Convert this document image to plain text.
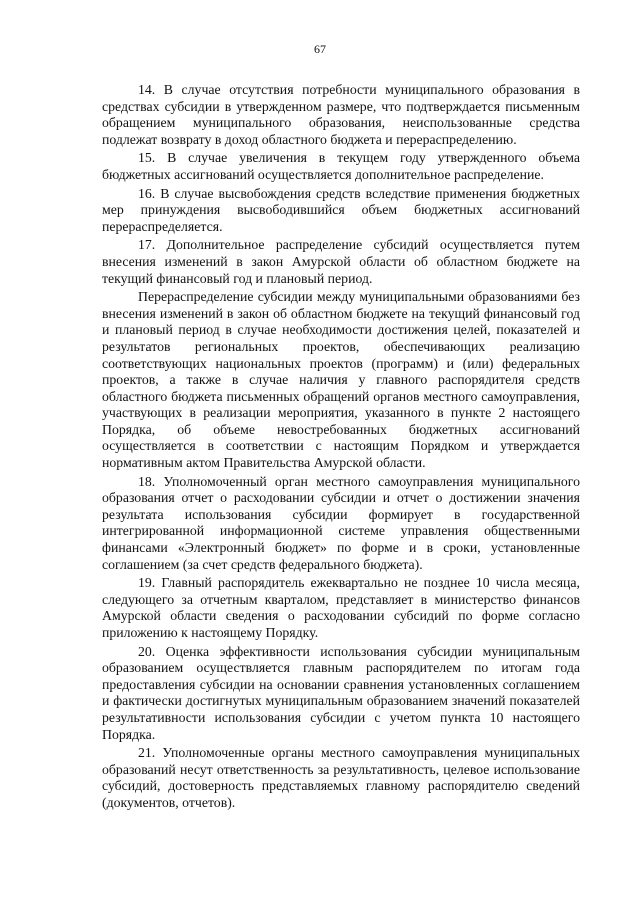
67

14. В случае отсутствия потребности муниципального образования в средствах субсидии в утвержденном размере, что подтверждается письменным обращением муниципального образования, неиспользованные средства подлежат возврату в доход областного бюджета и перераспределению.

15. В случае увеличения в текущем году утвержденного объема бюджетных ассигнований осуществляется дополнительное распределение.

16. В случае высвобождения средств вследствие применения бюджетных мер принуждения высвободившийся объем бюджетных ассигнований перераспределяется.

17. Дополнительное распределение субсидий осуществляется путем внесения изменений в закон Амурской области об областном бюджете на текущий финансовый год и плановый период.

Перераспределение субсидии между муниципальными образованиями без внесения изменений в закон об областном бюджете на текущий финансовый год и плановый период в случае необходимости достижения целей, показателей и результатов региональных проектов, обеспечивающих реализацию соответствующих национальных проектов (программ) и (или) федеральных проектов, а также в случае наличия у главного распорядителя средств областного бюджета письменных обращений органов местного самоуправления, участвующих в реализации мероприятия, указанного в пункте 2 настоящего Порядка, об объеме невостребованных бюджетных ассигнований осуществляется в соответствии с настоящим Порядком и утверждается нормативным актом Правительства Амурской области.

18. Уполномоченный орган местного самоуправления муниципального образования отчет о расходовании субсидии и отчет о достижении значения результата использования субсидии формирует в государственной интегрированной информационной системе управления общественными финансами «Электронный бюджет» по форме и в сроки, установленные соглашением (за счет средств федерального бюджета).

19. Главный распорядитель ежеквартально не позднее 10 числа месяца, следующего за отчетным кварталом, представляет в министерство финансов Амурской области сведения о расходовании субсидий по форме согласно приложению к настоящему Порядку.

20. Оценка эффективности использования субсидии муниципальным образованием осуществляется главным распорядителем по итогам года предоставления субсидии на основании сравнения установленных соглашением и фактически достигнутых муниципальным образованием значений показателей результативности использования субсидии с учетом пункта 10 настоящего Порядка.

21. Уполномоченные органы местного самоуправления муниципальных образований несут ответственность за результативность, целевое использование субсидий, достоверность представляемых главному распорядителю сведений (документов, отчетов).
